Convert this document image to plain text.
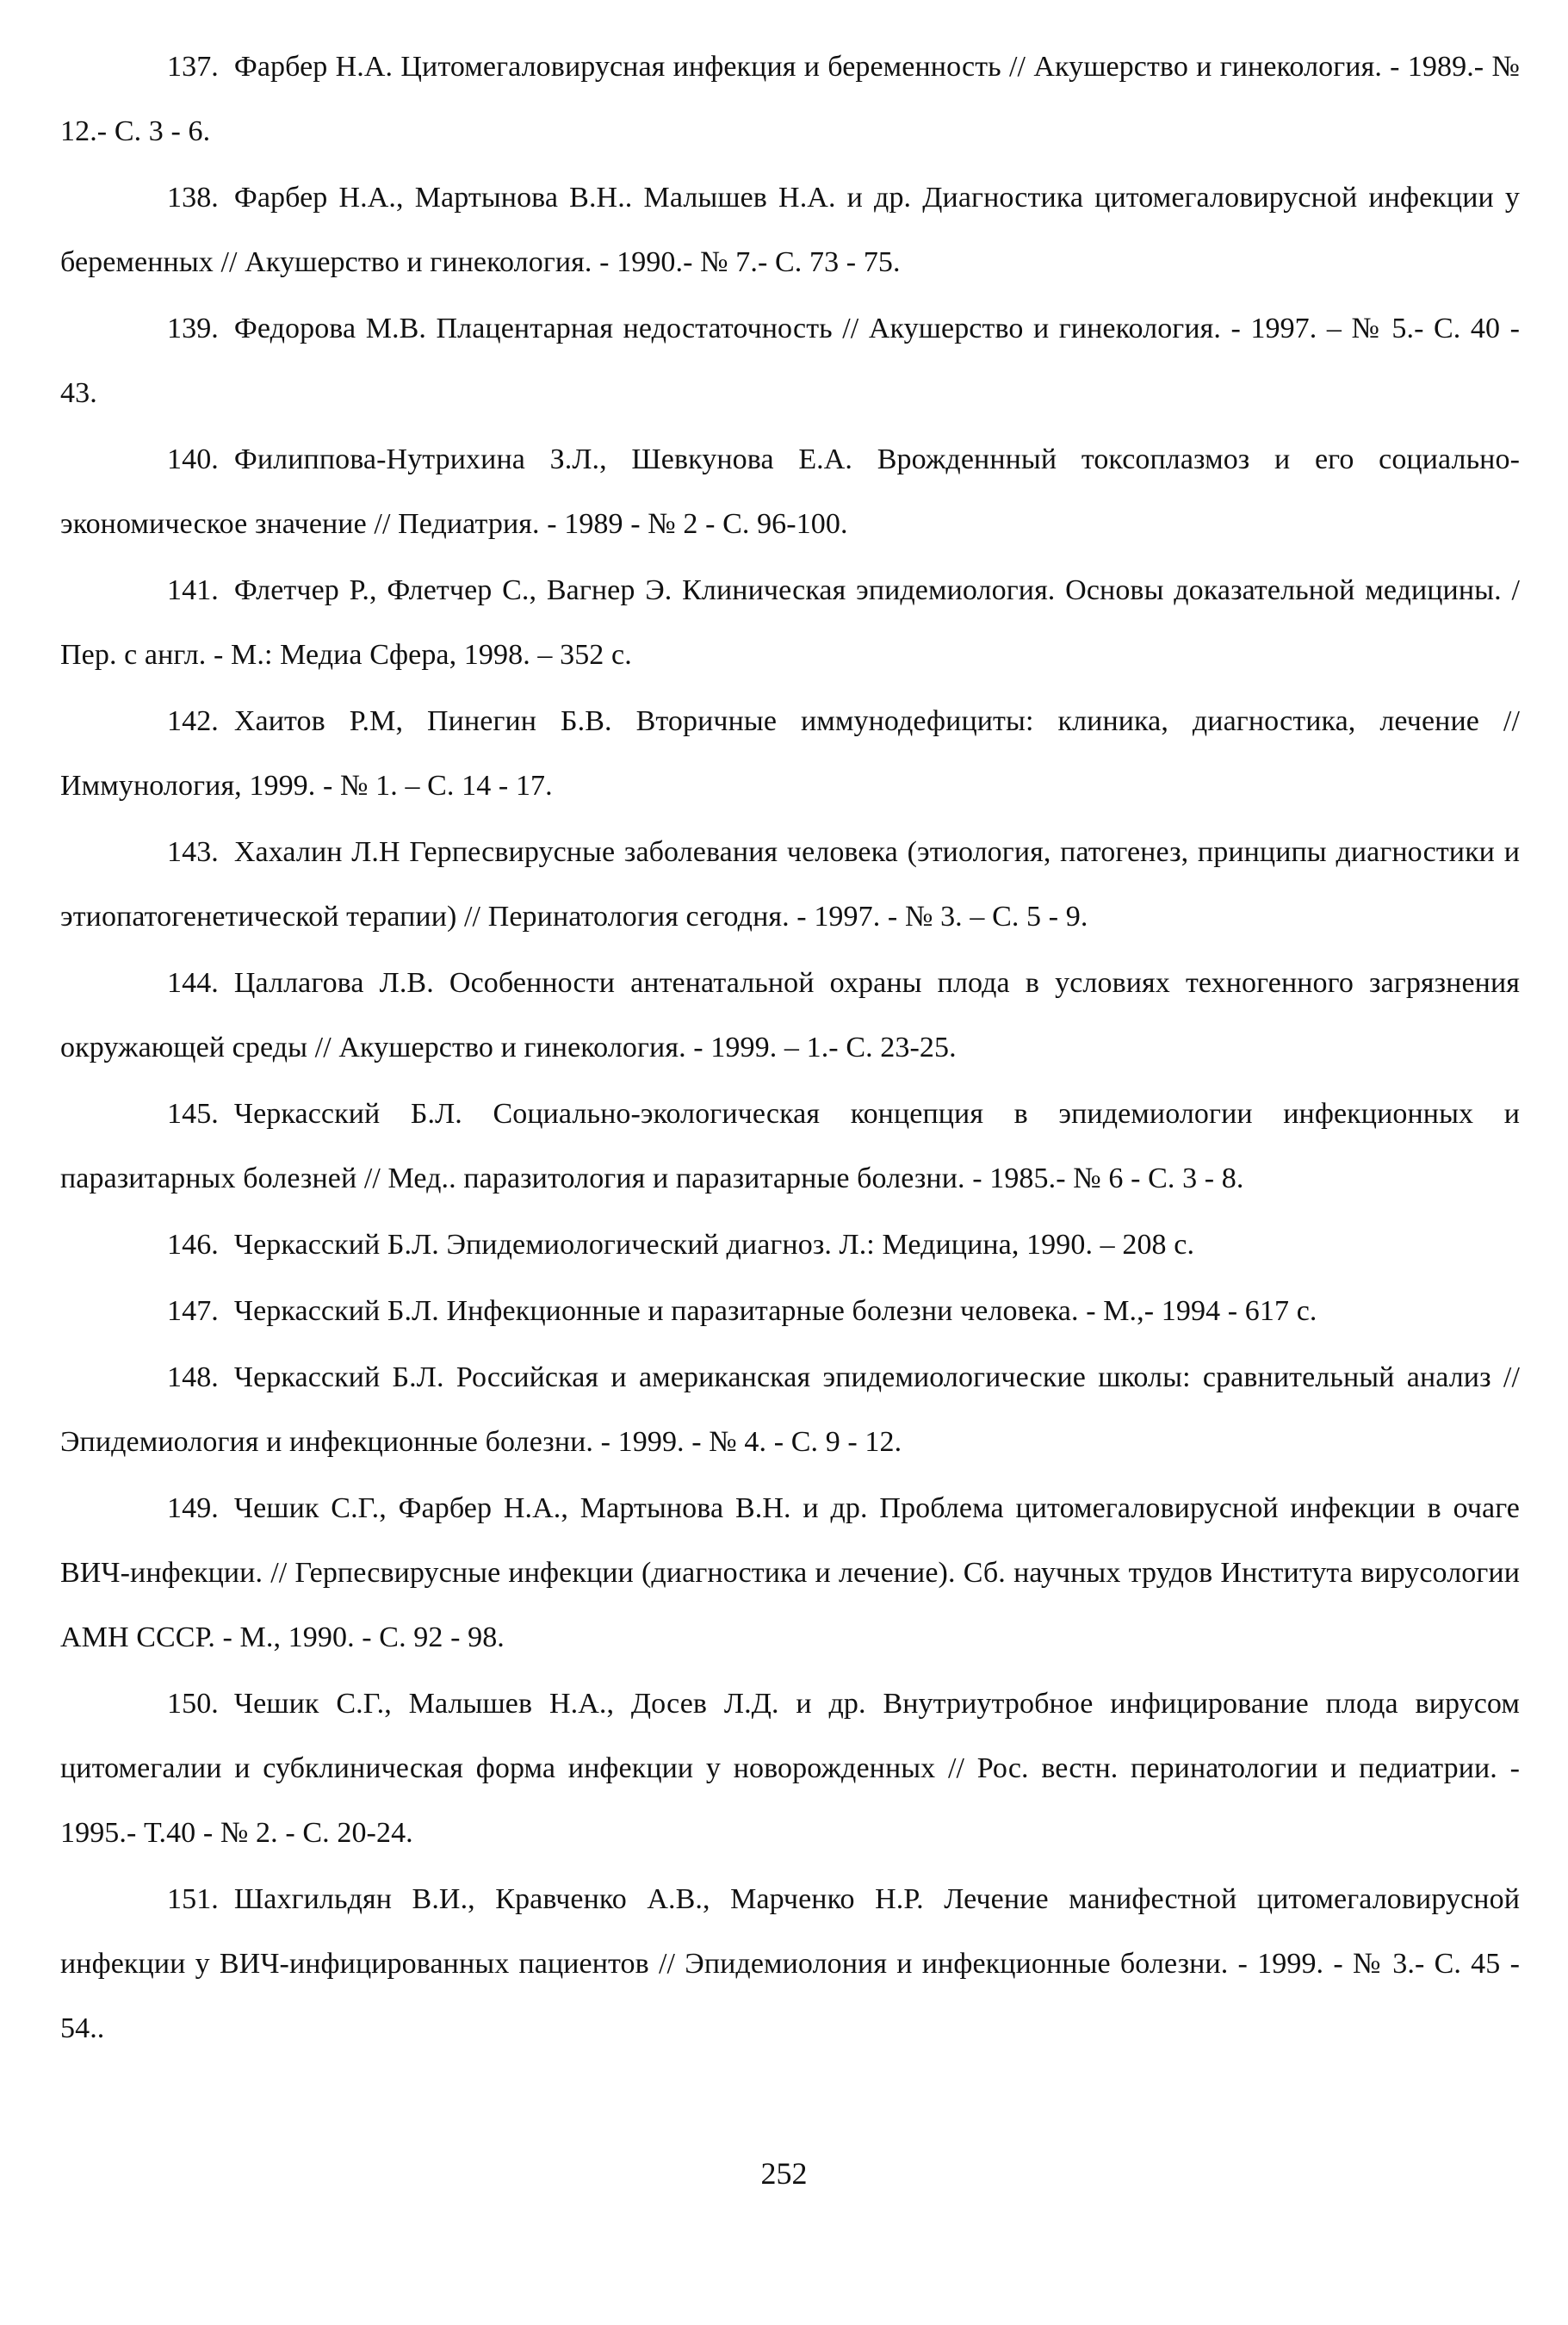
137. Фарбер Н.А. Цитомегаловирусная инфекция и беременность // Акушерство и гинекология. - 1989.- № 12.- С. 3 - 6.

138. Фарбер Н.А., Мартынова В.Н.. Малышев Н.А. и др. Диагностика цитомегаловирусной инфекции у беременных // Акушерство и гинекология. - 1990.- № 7.- С. 73 - 75.

139. Федорова М.В. Плацентарная недостаточность // Акушерство и гинекология. - 1997. – № 5.- С. 40 - 43.

140. Филиппова-Нутрихина З.Л., Шевкунова Е.А. Врожденнный токсоплазмоз и его социально-экономическое значение // Педиатрия. - 1989 - № 2 - С. 96-100.

141. Флетчер Р., Флетчер С., Вагнер Э. Клиническая эпидемиология. Основы доказательной медицины. / Пер. с англ. - М.: Медиа Сфера, 1998. – 352 с.

142. Хаитов Р.М, Пинегин Б.В. Вторичные иммунодефициты: клиника, диагностика, лечение // Иммунология, 1999. - № 1. – С. 14 - 17.

143. Хахалин Л.Н Герпесвирусные заболевания человека (этиология, патогенез, принципы диагностики и этиопатогенетической терапии) // Перинатология сегодня. - 1997. - № 3. – С. 5 - 9.

144. Цаллагова Л.В. Особенности антенатальной охраны плода в условиях техногенного загрязнения окружающей среды // Акушерство и гинекология. - 1999. – 1.- С. 23-25.

145. Черкасский Б.Л. Социально-экологическая концепция в эпидемиологии инфекционных и паразитарных болезней // Мед.. паразитология и паразитарные болезни. - 1985.- № 6 - С. 3 - 8.

146. Черкасский Б.Л. Эпидемиологический диагноз. Л.: Медицина, 1990. – 208 с.

147. Черкасский Б.Л. Инфекционные и паразитарные болезни человека. - М.,- 1994 - 617 с.

148. Черкасский Б.Л. Российская и американская эпидемиологические школы: сравнительный анализ // Эпидемиология и инфекционные болезни. - 1999. - № 4. - С. 9 - 12.

149. Чешик С.Г., Фарбер Н.А., Мартынова В.Н. и др. Проблема цитомегаловирусной инфекции в очаге ВИЧ-инфекции. // Герпесвирусные инфекции (диагностика и лечение). Сб. научных трудов Института вирусологии АМН СССР. - М., 1990. - С. 92 - 98.

150. Чешик С.Г., Малышев Н.А., Досев Л.Д. и др. Внутриутробное инфицирование плода вирусом цитомегалии и субклиническая форма инфекции у новорожденных // Рос. вестн. перинатологии и педиатрии. - 1995.- Т.40 - № 2. - С. 20-24.

151. Шахгильдян В.И., Кравченко А.В., Марченко Н.Р. Лечение манифестной цитомегаловирусной инфекции у ВИЧ-инфицированных пациентов // Эпидемиолония и инфекционные болезни. - 1999. - № 3.- С. 45 - 54..

252
